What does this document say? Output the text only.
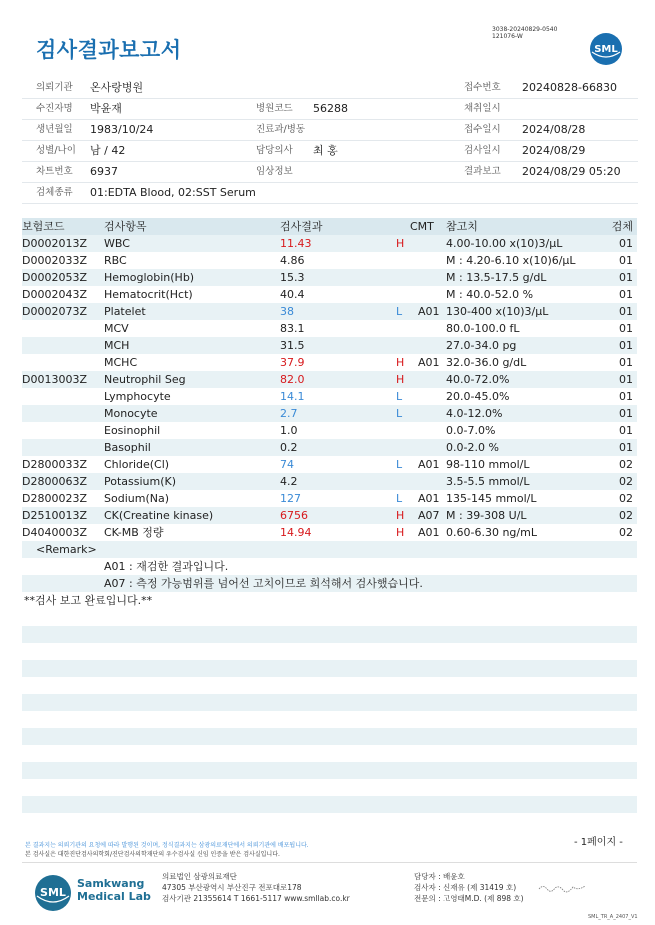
검사결과보고서
3038-20240829-0540
121076-W
SML
의뢰기관 온사랑병원	접수번호 20240828-66830
수진자명 박윤재	병원코드 56288	채취일시
생년월일 1983/10/24	진료과/병동	접수일시 2024/08/28
성별/나이 남 / 42	담당의사 최 홍	검사일시 2024/08/29
차트번호 6937	임상정보	결과보고 2024/08/29 05:20
검체종류 01:EDTA Blood, 02:SST Serum
보험코드	검사항목	검사결과	CMT 참고치	검체
D0002013Z WBC	11.43	H	4.00-10.00 x(10)3/μL	01
D0002033Z RBC	4.86	M : 4.20-6.10 x(10)6/μL	01
D0002053Z Hemoglobin(Hb)	15.3	M : 13.5-17.5 g/dL	01
D0002043Z Hematocrit(Hct)	40.4	M : 40.0-52.0 %	01
D0002073Z Platelet	38	L A01 130-400 x(10)3/μL	01
MCV	83.1	80.0-100.0 fL	01
MCH	31.5	27.0-34.0 pg	01
MCHC	37.9	H A01 32.0-36.0 g/dL	01
D0013003Z Neutrophil Seg	82.0	H	40.0-72.0%	01
Lymphocyte	14.1	L	20.0-45.0%	01
Monocyte	2.7	L	4.0-12.0%	01
Eosinophil	1.0	0.0-7.0%	01
Basophil	0.2	0.0-2.0 %	01
D2800033Z Chloride(Cl)	74	L A01 98-110 mmol/L	02
D2800063Z Potassium(K)	4.2	3.5-5.5 mmol/L	02
D2800023Z Sodium(Na)	127	L A01 135-145 mmol/L	02
D2510013Z CK(Creatine kinase)	6756	H A07 M : 39-308 U/L	02
D4040003Z CK-MB 정량	14.94	H A01 0.60-6.30 ng/mL	02
<Remark>
A01 : 재검한 결과입니다.
A07 : 측정 가능범위를 넘어선 고치이므로 희석해서 검사했습니다.
**검사 보고 완료입니다.**
- 1페이지 -
본 결과지는 의뢰기관의 요청에 따라 발행된 것이며, 정식결과지는 삼광의료재단에서 의뢰기관에 배포됩니다.
본 검사실은 대한진단검사의학회/진단검사의학재단의 우수검사실 신임 인증을 받은 검사실입니다.
SML
Samkwang
Medical Lab
의료법인 삼광의료재단
47305 부산광역시 부산진구 전포대로178
검사기관 21355614 T 1661-5117 www.smllab.co.kr
담당자 : 배윤호
검사자 : 신재유 (제 31419 호)
전문의 : 고영태M.D. (제 898 호)
SML_TR_A_2407_V1
